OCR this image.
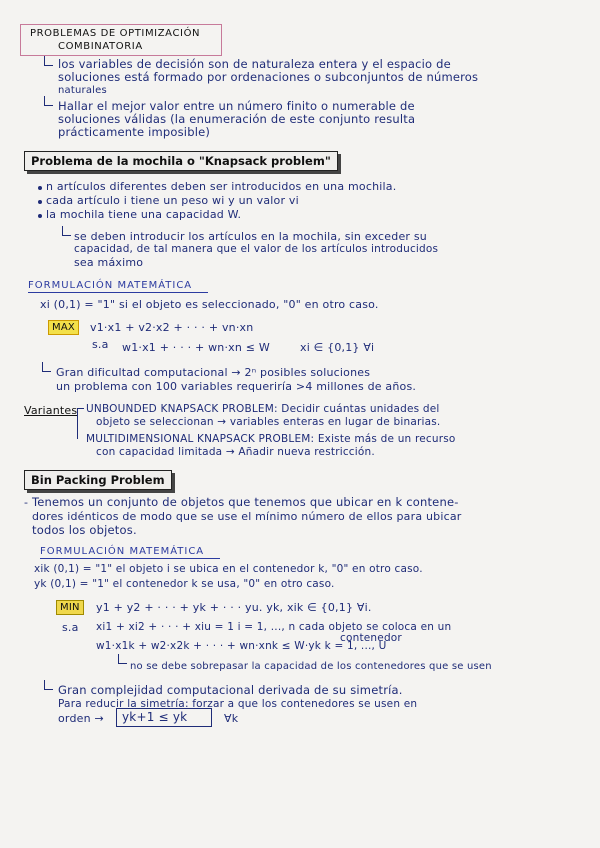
PROBLEMAS DE OPTIMIZACIÓN
COMBINATORIA
los variables de decisión son de naturaleza entera y el espacio de
soluciones está formado por ordenaciones o subconjuntos de números
naturales
Hallar el mejor valor entre un número finito o numerable de
soluciones válidas (la enumeración de este conjunto resulta
prácticamente imposible)
Problema de la mochila o "Knapsack problem"
n artículos diferentes deben ser introducidos en una mochila.
cada artículo i tiene un peso wi y un valor vi
la mochila tiene una capacidad W.
se deben introducir los artículos en la mochila, sin exceder su
capacidad, de tal manera que el valor de los artículos introducidos
sea máximo
FORMULACIÓN MATEMÁTICA
xi (0,1) = "1" si el objeto es seleccionado, "0" en otro caso.
MAX	v1·x1 + v2·x2 + · · · + vn·xn
s.a w1·x1 + · · · + wn·xn ≤ W	xi ∈ {0,1} ∀i
Gran dificultad computacional → 2ⁿ posibles soluciones
un problema con 100 variables requeriría >4 millones de años.
Variantes UNBOUNDED KNAPSACK PROBLEM: Decidir cuántas unidades del
objeto se seleccionan → variables enteras en lugar de binarias.
MULTIDIMENSIONAL KNAPSACK PROBLEM: Existe más de un recurso
con capacidad limitada → Añadir nueva restricción.
Bin Packing Problem
- Tenemos un conjunto de objetos que tenemos que ubicar en k contene-
dores idénticos de modo que se use el mínimo número de ellos para ubicar
todos los objetos.
FORMULACIÓN MATEMÁTICA
xik (0,1) = "1" el objeto i se ubica en el contenedor k, "0" en otro caso.
yk (0,1) = "1" el contenedor k se usa, "0" en otro caso.
MIN	y1 + y2 + · · · + yk + · · · yu. yk, xik ∈ {0,1} ∀i.
s.a xi1 + xi2 + · · · + xiu = 1 i = 1, ..., n cada objeto se coloca en un
contenedor
w1·x1k + w2·x2k + · · · + wn·xnk ≤ W·yk k = 1, ..., U
no se debe sobrepasar la capacidad de los contenedores que se usen
Gran complejidad computacional derivada de su simetría.
Para reducir la simetría: forzar a que los contenedores se usen en
orden → yk+1 ≤ yk	∀k
